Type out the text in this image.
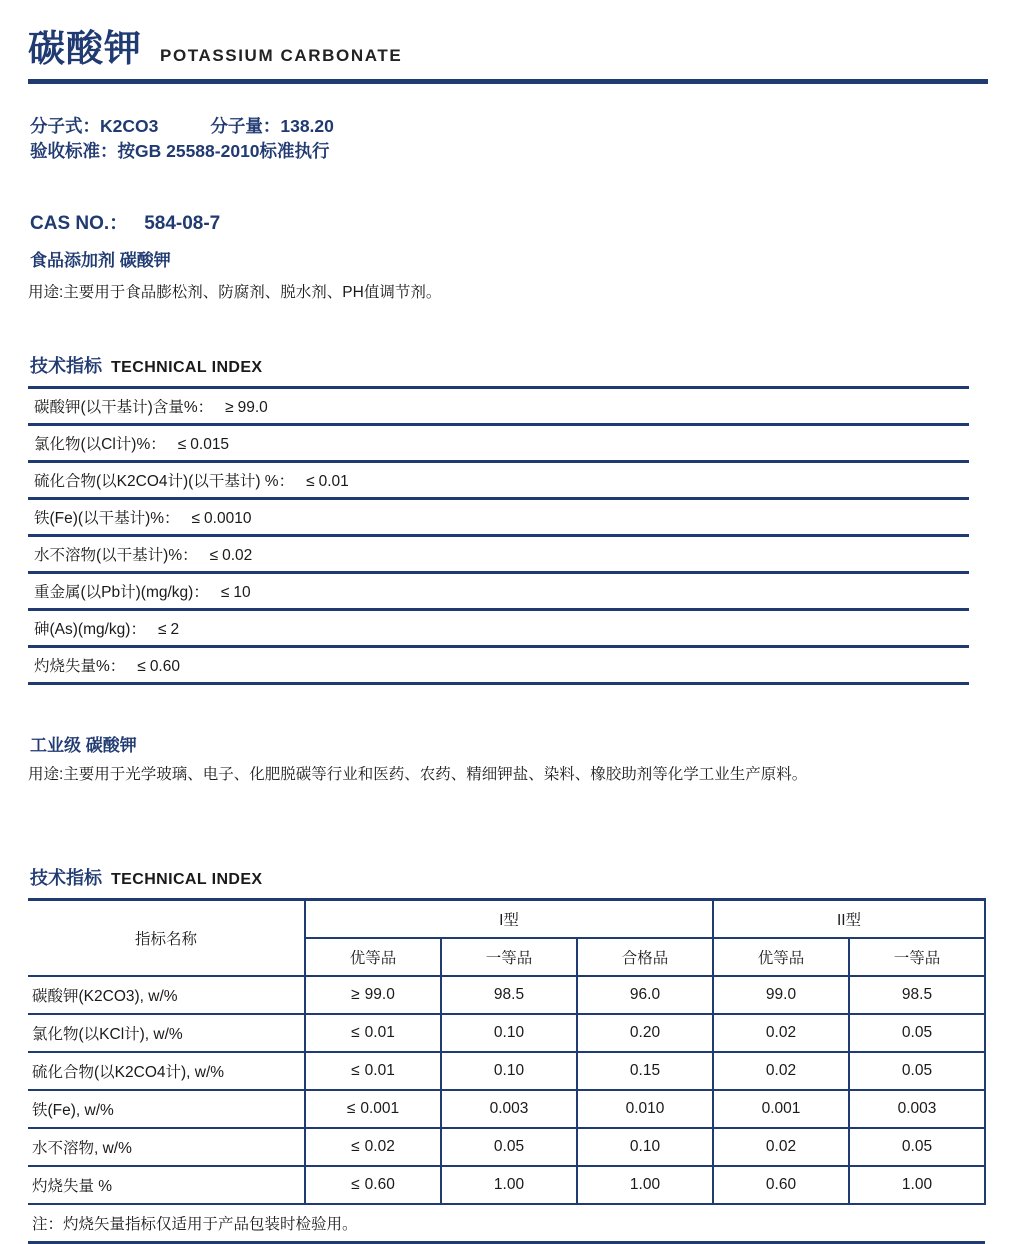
碳酸钾 POTASSIUM CARBONATE
分子式：K2CO3	分子量：138.20
验收标准：按GB 25588-2010标准执行
CAS NO.： 584-08-7
食品添加剂 碳酸钾
用途:主要用于食品膨松剂、防腐剂、脱水剂、PH值调节剂。
技术指标 TECHNICAL INDEX
碳酸钾(以干基计)含量%： ≥ 99.0
氯化物(以Cl计)%： ≤ 0.015
硫化合物(以K2CO4计)(以干基计) %： ≤ 0.01
铁(Fe)(以干基计)%： ≤ 0.0010
水不溶物(以干基计)%： ≤ 0.02
重金属(以Pb计)(mg/kg)： ≤ 10
砷(As)(mg/kg)： ≤ 2
灼烧失量%： ≤ 0.60
工业级 碳酸钾
用途:主要用于光学玻璃、电子、化肥脱碳等行业和医药、农药、精细钾盐、染料、橡胶助剂等化学工业生产原料。
技术指标 TECHNICAL INDEX
指标名称	I型			II型	
	优等品	一等品	合格品	优等品	一等品
碳酸钾(K2CO3), w/%	≥ 99.0	98.5	96.0	99.0	98.5
氯化物(以KCl计), w/%	≤ 0.01	0.10	0.20	0.02	0.05
硫化合物(以K2CO4计), w/%	≤ 0.01	0.10	0.15	0.02	0.05
铁(Fe), w/%	≤ 0.001	0.003	0.010	0.001	0.003
水不溶物, w/%	≤ 0.02	0.05	0.10	0.02	0.05
灼烧失量 %	≤ 0.60	1.00	1.00	0.60	1.00
注：灼烧矢量指标仅适用于产品包装时检验用。					
